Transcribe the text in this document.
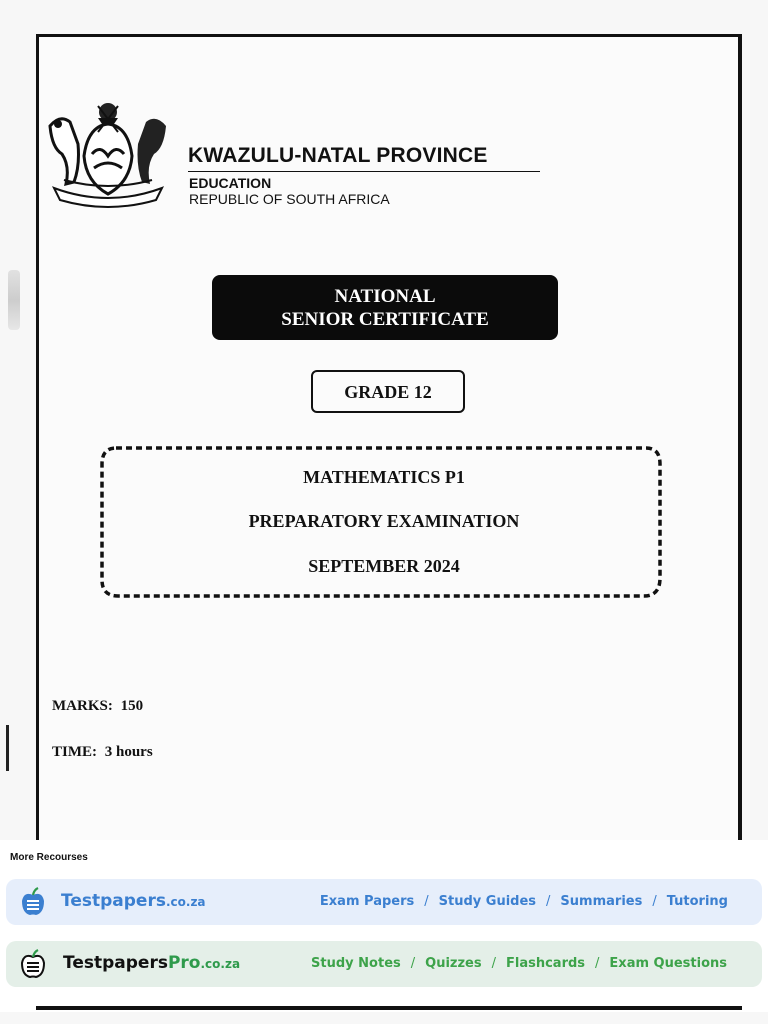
KWAZULU-NATAL PROVINCE
EDUCATION
REPUBLIC OF SOUTH AFRICA
NATIONAL
SENIOR CERTIFICATE
GRADE 12
MATHEMATICS P1
PREPARATORY EXAMINATION
SEPTEMBER 2024
MARKS: 150
TIME: 3 hours
More Recourses
Testpapers.co.za	Exam Papers / Study Guides / Summaries / Tutoring
TestpapersPro.co.za	Study Notes / Quizzes / Flashcards / Exam Questions
